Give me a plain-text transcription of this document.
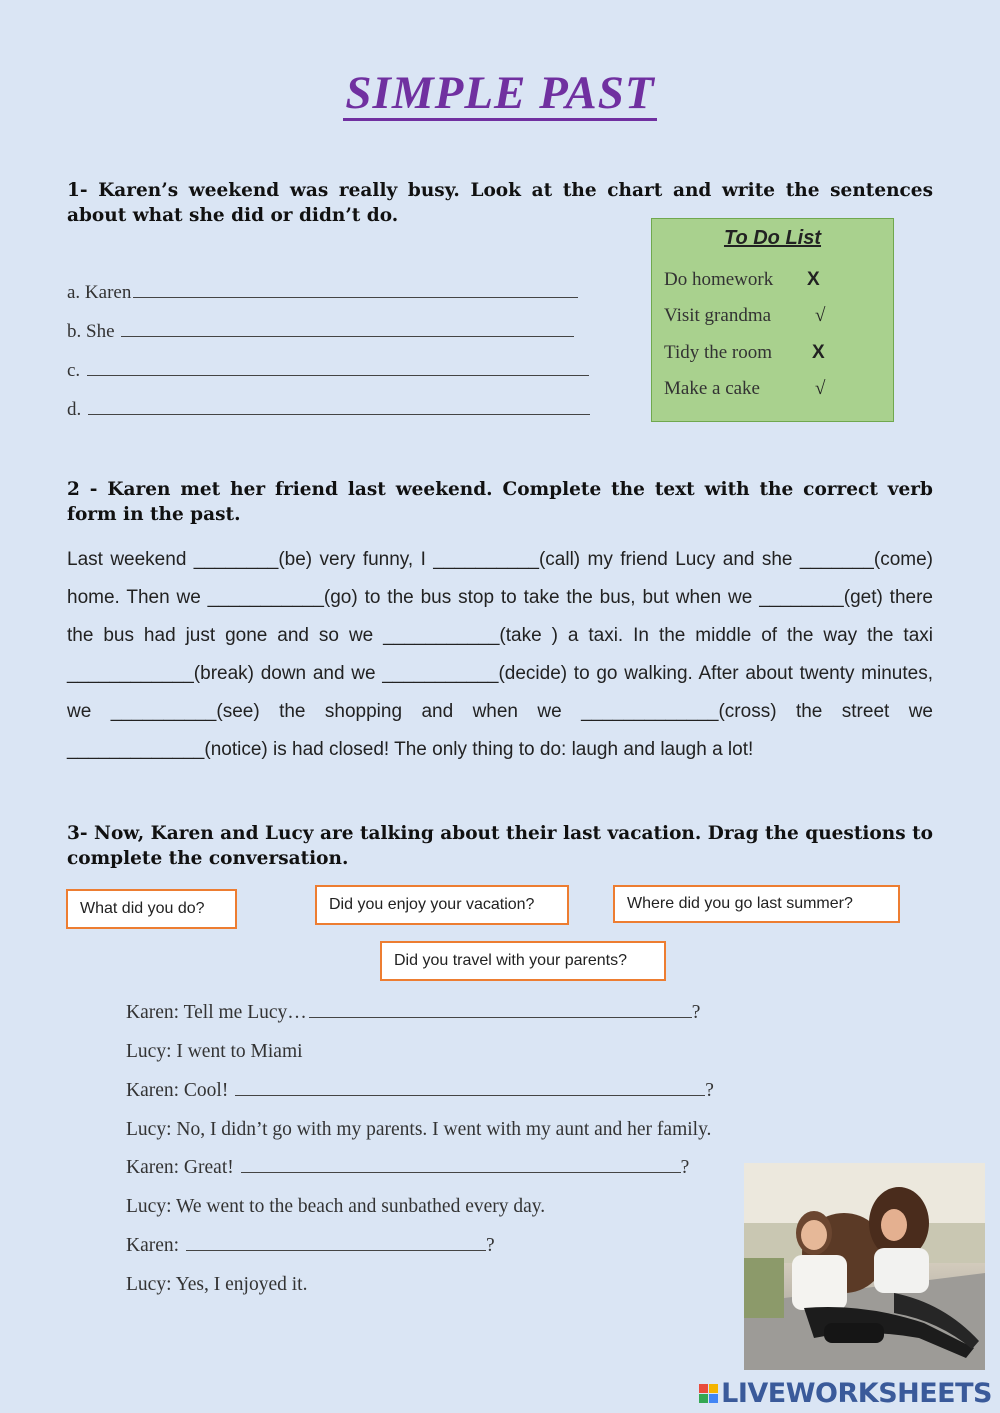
SIMPLE PAST
1- Karen’s weekend was really busy. Look at the chart and write the sentences about what she did or didn’t do.
a. Karen
b. She
c.
d.
To Do List
Do homework X
Visit grandma √
Tidy the room X
Make a cake	√
2 - Karen met her friend last weekend. Complete the text with the correct verb form in the past.
Last weekend ________(be) very funny, I __________(call) my friend Lucy and she _______(come) home. Then we ___________(go) to the bus stop to take the bus, but when we ________(get) there the bus had just gone and so we ___________(take ) a taxi. In the middle of the way the taxi ____________(break) down and we ___________(decide) to go walking. After about twenty minutes, we __________(see) the shopping and when we _____________(cross) the street we _____________(notice) is had closed! The only thing to do: laugh and laugh a lot!
3- Now, Karen and Lucy are talking about their last vacation. Drag the questions to complete the conversation.
What did you do?	Did you enjoy your vacation?	Where did you go last summer?
Did you travel with your parents?
Karen: Tell me Lucy…	?
Lucy: I went to Miami
Karen: Cool!	?
Lucy: No, I didn’t go with my parents. I went with my aunt and her family.
Karen: Great!	?
Lucy: We went to the beach and sunbathed every day.
Karen:	?
Lucy: Yes, I enjoyed it.
LIVEWORKSHEETS
